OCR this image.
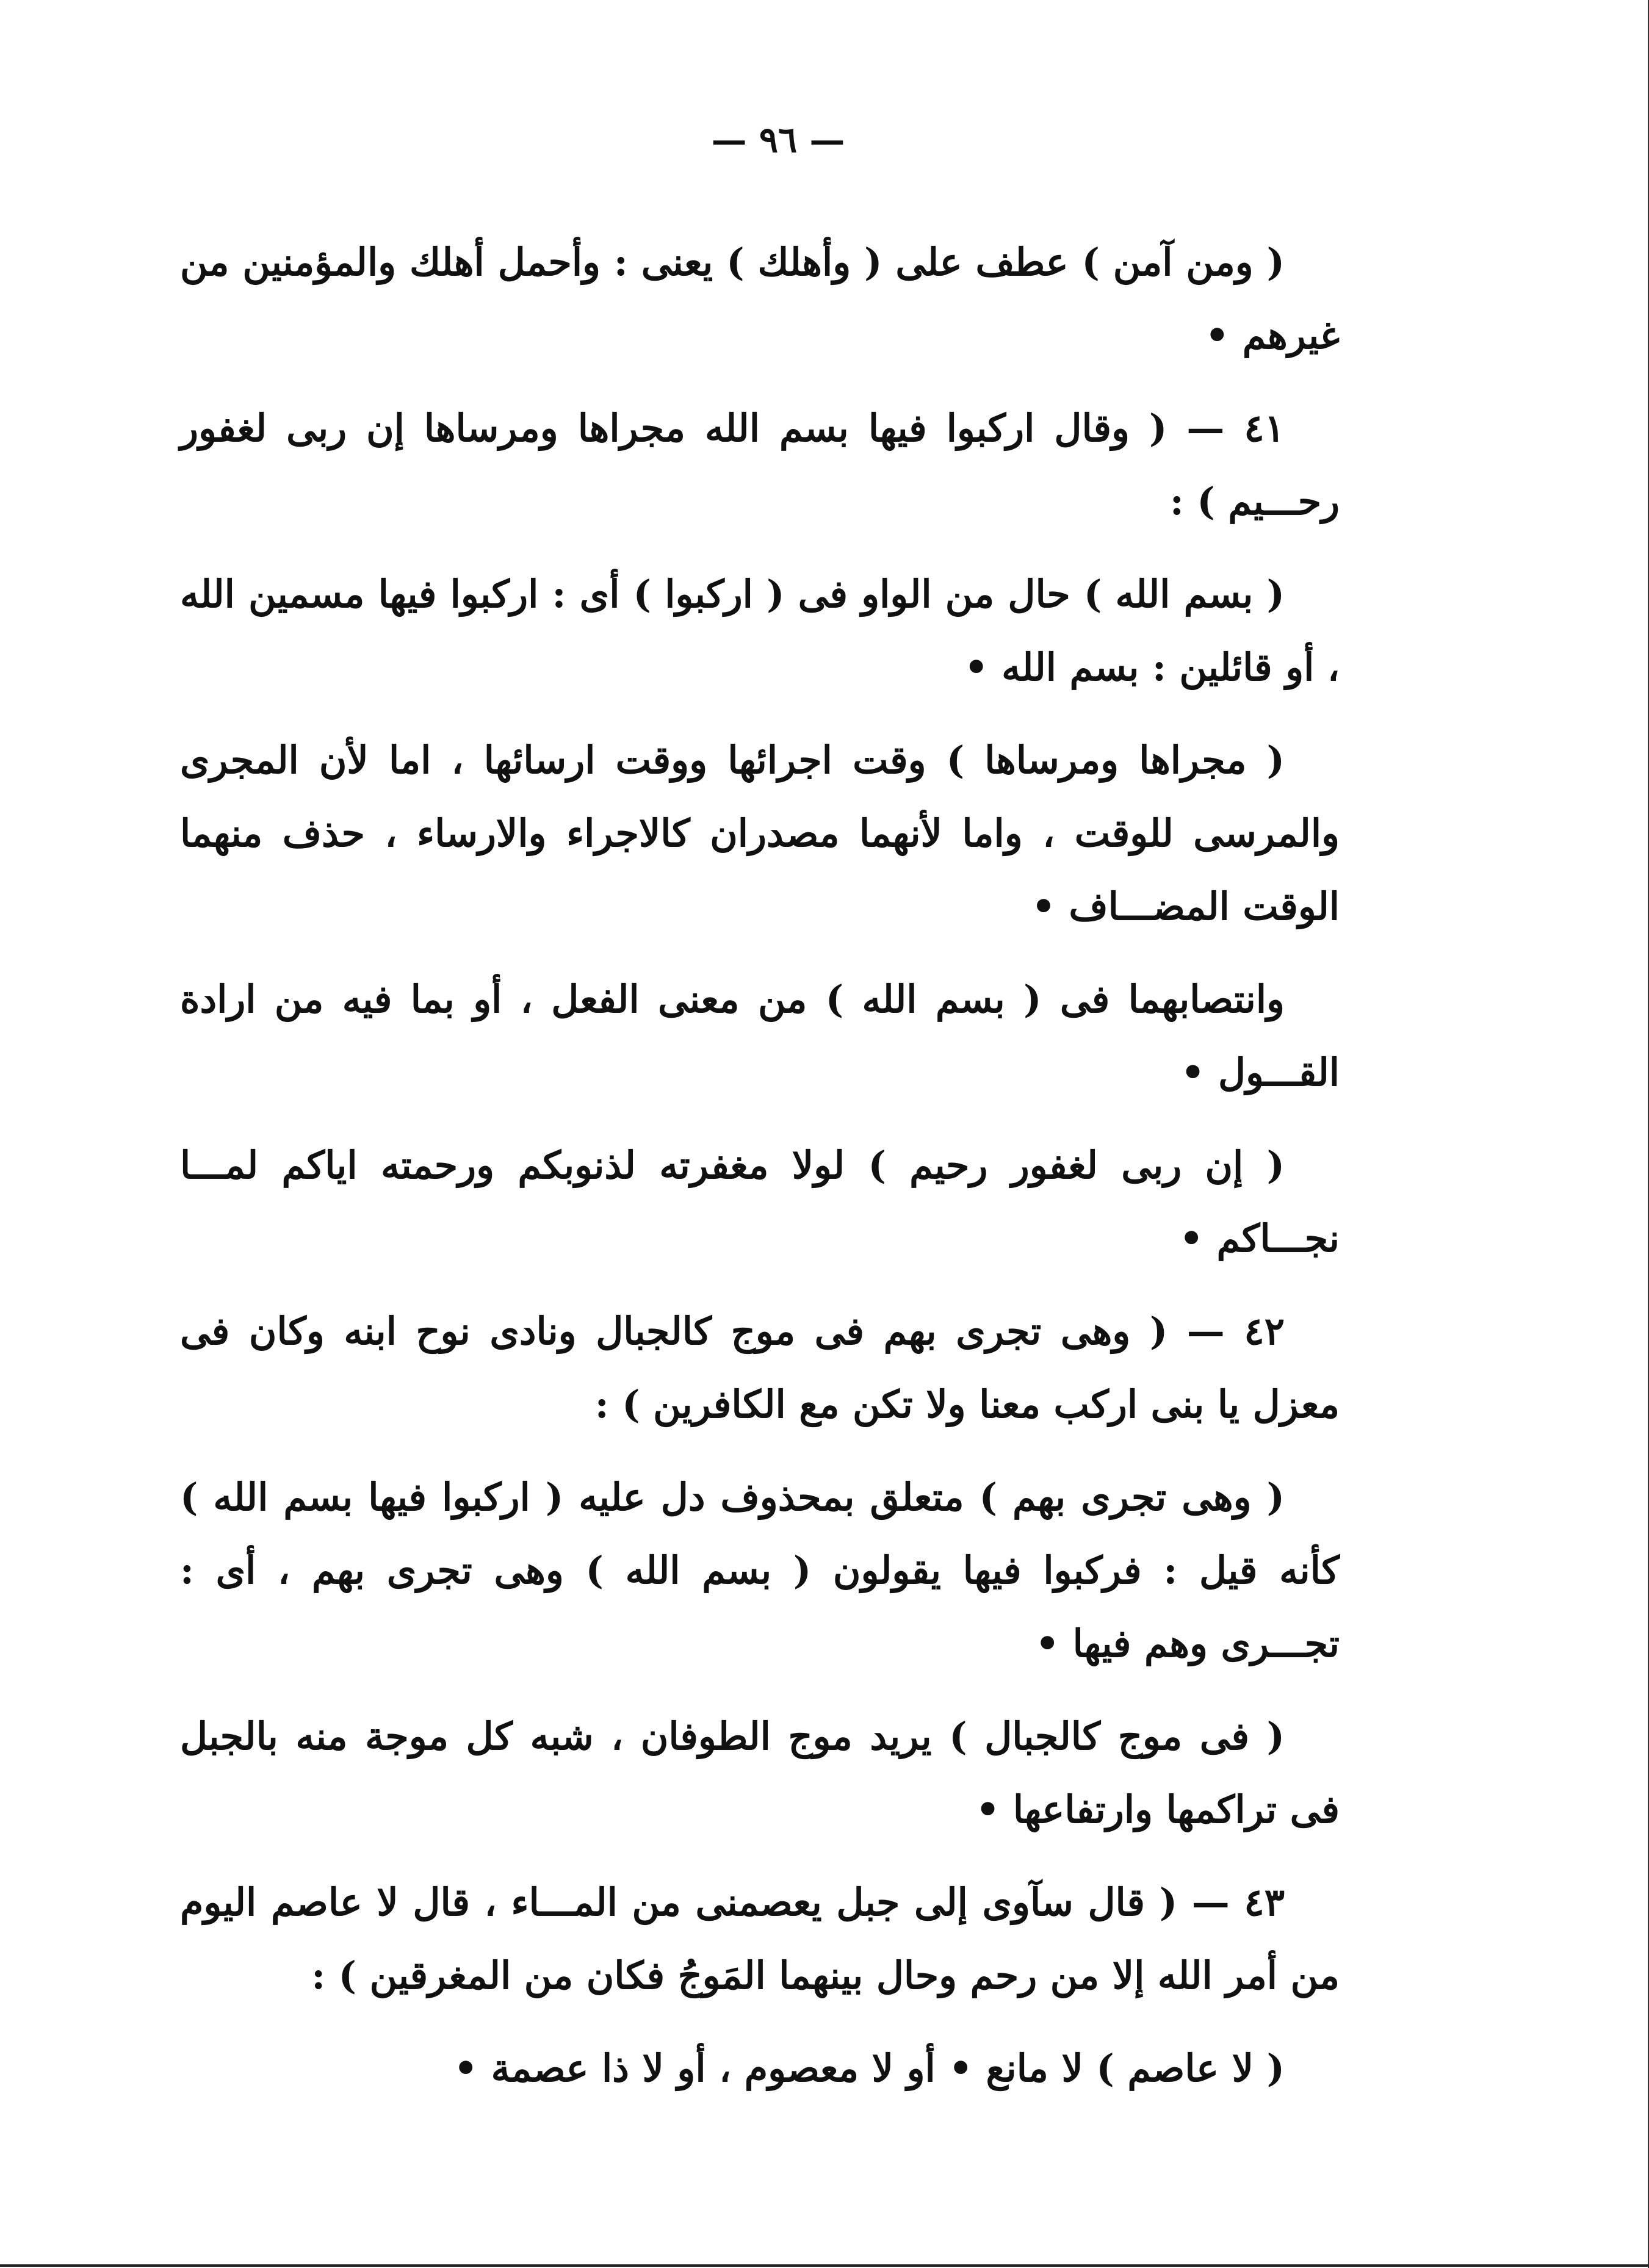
— ٩٦ —

( ومن آمن ) عطف على ( وأهلك ) يعنى : وأحمل أهلك والمؤمنين من غيرهم •

٤١ — ( وقال اركبوا فيها بسم الله مجراها ومرساها إن ربى لغفور رحـــيم ) :

( بسم الله ) حال من الواو فى ( اركبوا ) أى : اركبوا فيها مسمين الله ، أو قائلين : بسم الله •

( مجراها ومرساها ) وقت اجرائها ووقت ارسائها ، اما لأن المجرى والمرسى للوقت ، واما لأنهما مصدران كالاجراء والارساء ، حذف منهما الوقت المضـــاف •

وانتصابهما فى ( بسم الله ) من معنى الفعل ، أو بما فيه من ارادة القـــول •

( إن ربى لغفور رحيم ) لولا مغفرته لذنوبكم ورحمته اياكم لمـــا نجـــاكم •

٤٢ — ( وهى تجرى بهم فى موج كالجبال ونادى نوح ابنه وكان فى معزل يا بنى اركب معنا ولا تكن مع الكافرين ) :

( وهى تجرى بهم ) متعلق بمحذوف دل عليه ( اركبوا فيها بسم الله ) كأنه قيل : فركبوا فيها يقولون ( بسم الله ) وهى تجرى بهم ، أى : تجـــرى وهم فيها •

( فى موج كالجبال ) يريد موج الطوفان ، شبه كل موجة منه بالجبل فى تراكمها وارتفاعها •

٤٣ — ( قال سآوى إلى جبل يعصمنى من المـــاء ، قال لا عاصم اليوم من أمر الله إلا من رحم وحال بينهما المَوجُ فكان من المغرقين ) :

( لا عاصم ) لا مانع • أو لا معصوم ، أو لا ذا عصمة •
